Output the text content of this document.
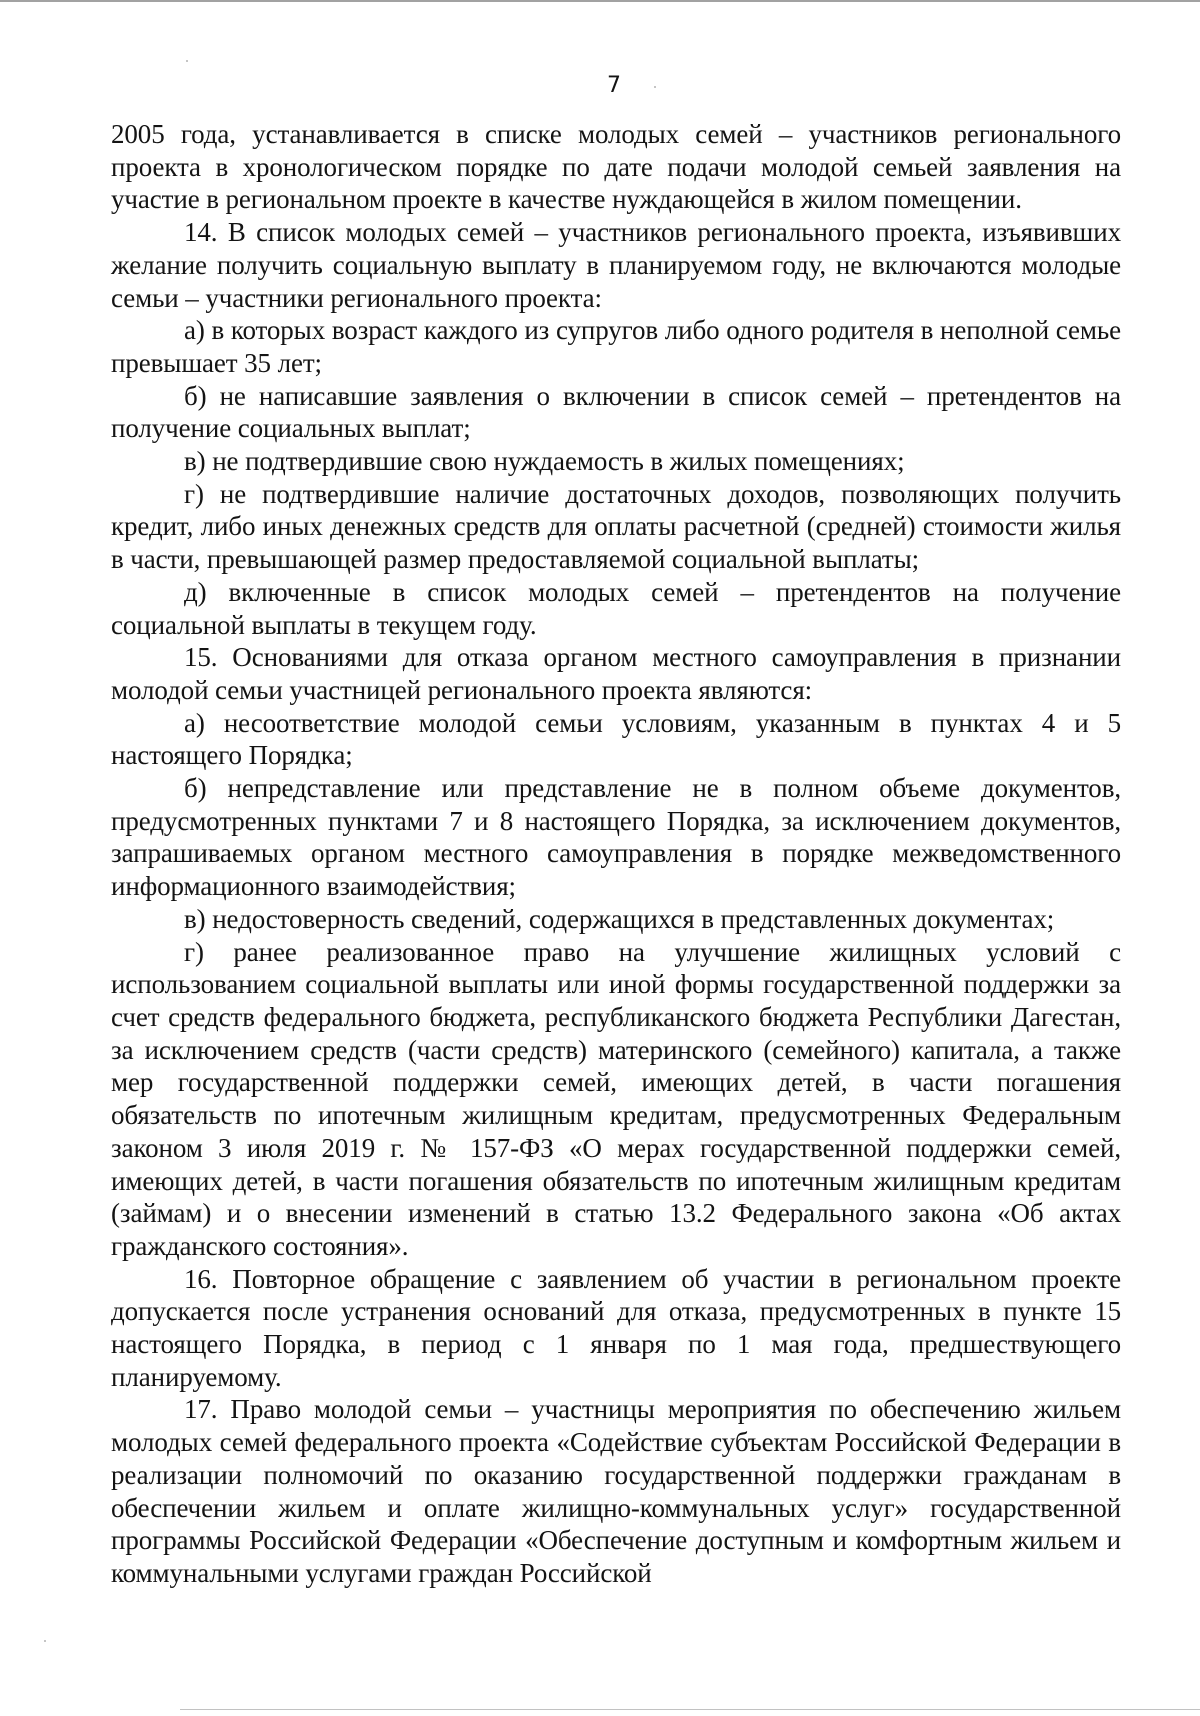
7

2005 года, устанавливается в списке молодых семей – участников регионального проекта в хронологическом порядке по дате подачи молодой семьей заявления на участие в региональном проекте в качестве нуждающейся в жилом помещении.

14. В список молодых семей – участников регионального проекта, изъявивших желание получить социальную выплату в планируемом году, не включаются молодые семьи – участники регионального проекта:

а) в которых возраст каждого из супругов либо одного родителя в неполной семье превышает 35 лет;

б) не написавшие заявления о включении в список семей – претендентов на получение социальных выплат;

в) не подтвердившие свою нуждаемость в жилых помещениях;

г) не подтвердившие наличие достаточных доходов, позволяющих получить кредит, либо иных денежных средств для оплаты расчетной (средней) стоимости жилья в части, превышающей размер предоставляемой социальной выплаты;

д) включенные в список молодых семей – претендентов на получение социальной выплаты в текущем году.

15. Основаниями для отказа органом местного самоуправления в признании молодой семьи участницей регионального проекта являются:

а) несоответствие молодой семьи условиям, указанным в пунктах 4 и 5 настоящего Порядка;

б) непредставление или представление не в полном объеме документов, предусмотренных пунктами 7 и 8 настоящего Порядка, за исключением документов, запрашиваемых органом местного самоуправления в порядке межведомственного информационного взаимодействия;

в) недостоверность сведений, содержащихся в представленных документах;

г) ранее реализованное право на улучшение жилищных условий с использованием социальной выплаты или иной формы государственной поддержки за счет средств федерального бюджета, республиканского бюджета Республики Дагестан, за исключением средств (части средств) материнского (семейного) капитала, а также мер государственной поддержки семей, имеющих детей, в части погашения обязательств по ипотечным жилищным кредитам, предусмотренных Федеральным законом 3 июля 2019 г. № 157-ФЗ «О мерах государственной поддержки семей, имеющих детей, в части погашения обязательств по ипотечным жилищным кредитам (займам) и о внесении изменений в статью 13.2 Федерального закона «Об актах гражданского состояния».

16. Повторное обращение с заявлением об участии в региональном проекте допускается после устранения оснований для отказа, предусмотренных в пункте 15 настоящего Порядка, в период с 1 января по 1 мая года, предшествующего планируемому.

17. Право молодой семьи – участницы мероприятия по обеспечению жильем молодых семей федерального проекта «Содействие субъектам Российской Федерации в реализации полномочий по оказанию государственной поддержки гражданам в обеспечении жильем и оплате жилищно-коммунальных услуг» государственной программы Российской Федерации «Обеспечение доступным и комфортным жильем и коммунальными услугами граждан Российской
